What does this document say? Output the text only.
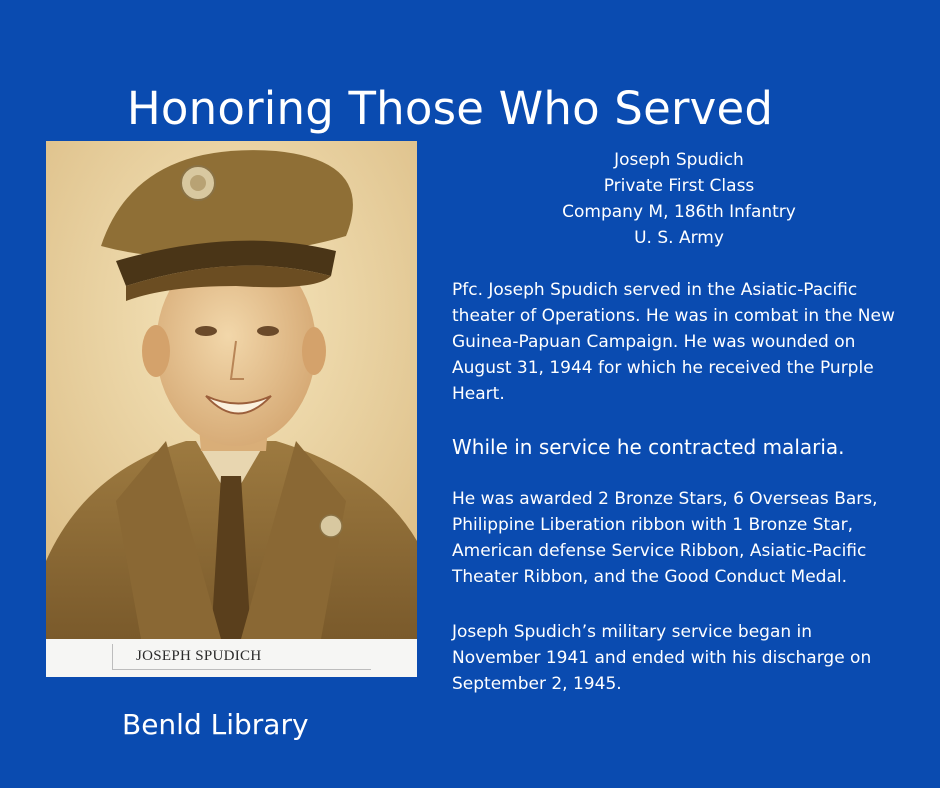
Honoring Those Who Served
JOSEPH SPUDICH
Joseph Spudich
Private First Class
Company M, 186th Infantry
U. S. Army

Pfc. Joseph Spudich served in the Asiatic-Pacific theater of Operations. He was in combat in the New Guinea-Papuan Campaign. He was wounded on August 31, 1944 for which he received the Purple Heart.

While in service he contracted malaria.

He was awarded 2 Bronze Stars, 6 Overseas Bars, Philippine Liberation ribbon with 1 Bronze Star, American defense Service Ribbon, Asiatic-Pacific Theater Ribbon, and the Good Conduct Medal.

Joseph Spudich’s military service began in November 1941 and ended with his discharge on September 2, 1945.

Benld Library
